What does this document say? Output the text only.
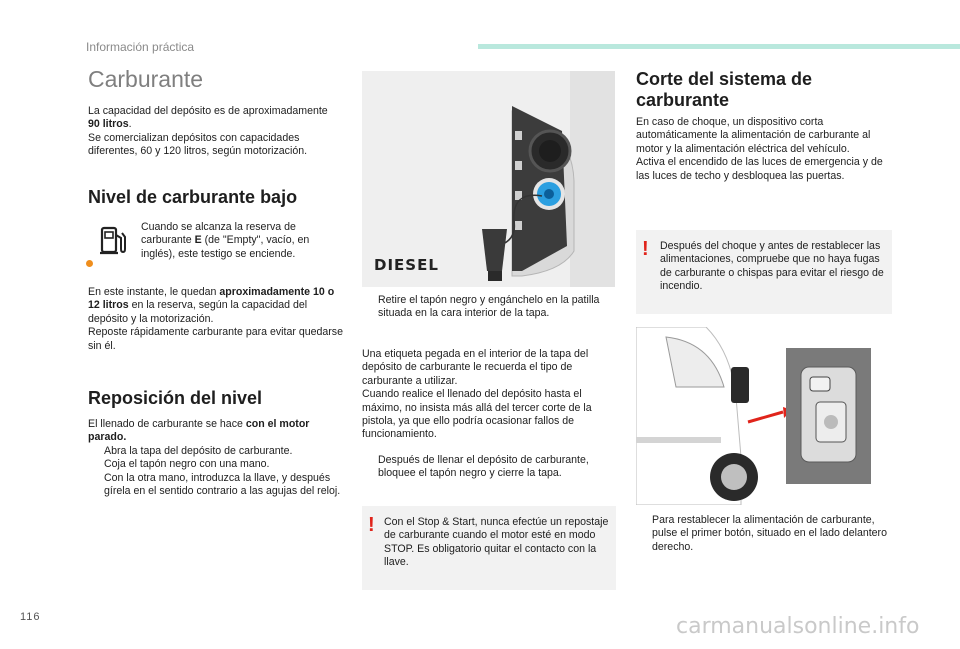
Información práctica
Carburante

La capacidad del depósito es de aproximadamente
90 litros.
Se comercializan depósitos con capacidades diferentes, 60 y 120 litros, según motorización.

Nivel de carburante bajo
Cuando se alcanza la reserva de carburante E (de "Empty", vacío, en inglés), este testigo se enciende.
En este instante, le quedan aproximadamente 10 o 12 litros en la reserva, según la capacidad del depósito y la motorización.
Reposte rápidamente carburante para evitar quedarse sin él.
Reposición del nivel

El llenado de carburante se hace con el motor parado.

Abra la tapa del depósito de carburante.
Coja el tapón negro con una mano.
Con la otra mano, introduzca la llave, y después gírela en el sentido contrario a las agujas del reloj.
DIESEL
Retire el tapón negro y engánchelo en la patilla situada en la cara interior de la tapa.
Una etiqueta pegada en el interior de la tapa del depósito de carburante le recuerda el tipo de carburante a utilizar.
Cuando realice el llenado del depósito hasta el máximo, no insista más allá del tercer corte de la pistola, ya que ello podría ocasionar fallos de funcionamiento.
Después de llenar el depósito de carburante, bloquee el tapón negro y cierre la tapa.
! Con el Stop & Start, nunca efectúe un repostaje de carburante cuando el motor esté en modo STOP. Es obligatorio quitar el contacto con la llave.
Corte del sistema de carburante
En caso de choque, un dispositivo corta automáticamente la alimentación de carburante al motor y la alimentación eléctrica del vehículo.
Activa el encendido de las luces de emergencia y de las luces de techo y desbloquea las puertas.
! Después del choque y antes de restablecer las alimentaciones, compruebe que no haya fugas de carburante o chispas para evitar el riesgo de incendio.
Para restablecer la alimentación de carburante, pulse el primer botón, situado en el lado delantero derecho.
116	carmanualsonline.info
